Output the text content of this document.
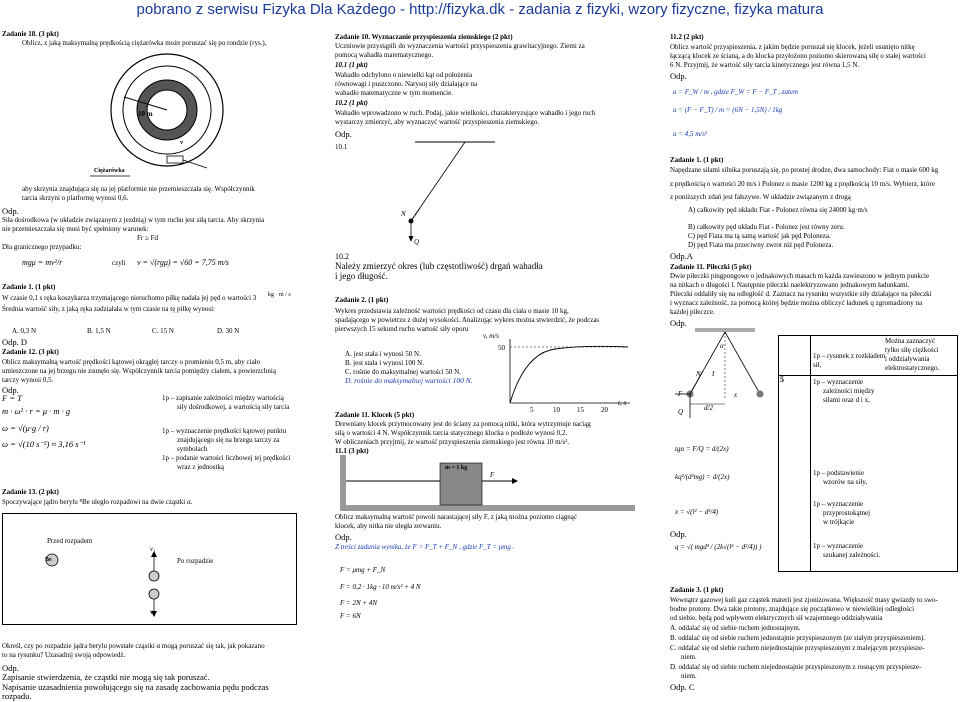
pobrano z serwisu Fizyka Dla Każdego - http://fizyka.dk - zadania z fizyki, wzory fizyczne, fizyka matura
Zadanie 18. (3 pkt)
Oblicz, z jaką maksymalną prędkością ciężarówka może poruszać się po rondzie (rys.),
10 m
v
Ciężarówka
aby skrzynia znajdująca się na jej platformie nie przemieszczała się. Współczynnik
tarcia skrzyni o platformę wynosi 0,6.
Odp.
Siła dośrodkowa (w układzie związanym z jezdnią) w tym ruchu jest siłą tarcia. Aby skrzynia
nie przemieszczała się musi być spełniony warunek:
Fr ≥ Fd
Dla granicznego przypadku:
mgμ = mv²/r	czyli v = √(rgμ) = √60 = 7,75 m/s
Zadanie 1. (1 pkt)
W czasie 0,1 s ręka koszykarza trzymającego nieruchomo piłkę nadała jej pęd o wartości 3 kg · m / s
Średnia wartość siły, z jaką ręka zadziałała w tym czasie na tę piłkę wynosi:
A. 0,3 N	B. 1,5 N	C. 15 N	D. 30 N
Odp. D
Zadanie 12. (3 pkt)
Oblicz maksymalną wartość prędkości kątowej okrągłej tarczy o promieniu 0,5 m, aby ciało
umieszczone na jej brzegu nie zsunęło się. Współczynnik tarcia pomiędzy ciałem, a powierzchnią
tarczy wynosi 0,5.
Odp.
F = T
m · ω² · r = μ · m · g
ω = √(μ·g / r)
ω = √(10 s⁻²) ≈ 3,16 s⁻¹
1p – zapisanie zależności między wartością
siły dośrodkowej, a wartością siły tarcia
1p – wyznaczenie prędkości kątowej punktu
znajdującego się na brzegu tarczy za
symbolach
1p – podanie wartości liczbowej tej prędkości
wraz z jednostką
Zadanie 13. (2 pkt)
Spoczywające jądro berylu ⁸Be uległo rozpadowi na dwie cząstki α.
Przed rozpadem
Po rozpadzie
Be
v₁
v₂
Określ, czy po rozpadzie jądra berylu powstałe cząstki α mogą poruszać się tak, jak pokazano
to na rysunku? Uzasadnij swoją odpowiedź.
Odp.
Zapisanie stwierdzenia, że cząstki nie mogą się tak poruszać.
Napisanie uzasadnienia powołującego się na zasadę zachowania pędu podczas
rozpadu.
Zadanie 10. Wyznaczanie przyspieszenia ziemskiego (2 pkt)
Uczniowie przystąpili do wyznaczenia wartości przyspieszenia grawitacyjnego. Ziemi za
pomocą wahadła matematycznego.
10.1 (1 pkt)
Wahadło odchylono o niewielki kąt od położenia
równowagi i puszczono. Narysuj siły działające na
wahadło matematyczne w tym momencie.
10.2 (1 pkt)
Wahadło wprowadzono w ruch. Podaj, jakie wielkości, charakteryzujące wahadło i jego ruch
wystarczy zmierzyć, aby wyznaczyć wartość przyspieszenia ziemskiego.
Odp.
10.1
N
Q
10.2
Należy zmierzyć okres (lub częstotliwość) drgań wahadła
i jego długość.
Zadanie 2. (1 pkt)
Wykres przedstawia zależność wartości prędkości od czasu dla ciała o masie 10 kg,
spadającego w powietrzu z dużej wysokości. Analizując wykres można stwierdzić, że podczas
pierwszych 15 sekund ruchu wartość siły oporu
A. jest stała i wynosi 50 N.
B. jest stała i wynosi 100 N.
C. rośnie do maksymalnej wartości 50 N.
D. rośnie do maksymalnej wartości 100 N.
v, m/s
50
5	10 15 20
t, s
Zadanie 11. Klocek (5 pkt)
Drewniany klocek przymocowany jest do ściany za pomocą nitki, która wytrzymuje naciąg
siłą o wartości 4 N. Współczynnik tarcia statycznego klocka o podłoże wynosi 0,2.
W obliczeniach przyjmij, że wartość przyspieszenia ziemskiego jest równa 10 m/s².
11.1 (3 pkt)
m = 1 kg
F
Oblicz maksymalną wartość powoli narastającej siły F, z jaką można poziomo ciągnąć
klocek, aby nitka nie uległa zerwaniu.
Odp.
Z treści zadania wynika, że F = F_T + F_N , gdzie F_T = μmg .
F = μmg + F_N
F = 0,2 · 1kg · 10 m/s² + 4 N
F = 2N + 4N
F = 6N
11.2 (2 pkt)
Oblicz wartość przyspieszenia, z jakim będzie poruszał się klocek, jeżeli usunięto nitkę
łączącą klocek ze ścianą, a do klocka przyłożono poziomo skierowaną siłę o stałej wartości
6 N. Przyjmij, że wartość siły tarcia kinetycznego jest równa 1,5 N.
Odp.
a = F_W / m , gdzie F_W = F − F_T , zatem
a = (F − F_T) / m = (6N − 1,5N) / 1kg
a = 4,5 m/s²
Zadanie 1. (1 pkt)
Napędzane siłami silnika poruszają się, po prostej drodze, dwa samochody: Fiat o masie 600 kg
z prędkością o wartości 20 m/s i Polonez o masie 1200 kg z prędkością 10 m/s. Wybierz, które
z poniższych zdań jest fałszywe. W układzie związanym z drogą
A) całkowity pęd układu Fiat - Polonez równa się 24000 kg·m/s
B) całkowity pęd układu Fiat - Polonez jest równy zeru.
C) pęd Fiata ma tą samą wartość jak pęd Poloneza.
D) pęd Fiata ma przeciwny zwrot niż pęd Poloneza.
Odp.A
Zadanie 11. Piłeczki (5 pkt)
Dwie piłeczki pingpongowe o jednakowych masach m każda zawieszono w jednym punkcie
na nitkach o długości l. Następnie piłeczki naelektryzowano jednakowym ładunkami.
Piłeczki oddaliły się na odległość d. Zaznacz na rysunku wszystkie siły działające na piłeczki
i wyznacz zależność, za pomocą której będzie można obliczyć ładunek q zgromadzony na
każdej piłeczce.
Odp.
α
N
F
Q
x
d/2
I
5
1p – rysunek z rozkładem
sił,
Można zaznaczyć
tylko siłę ciężkości
i oddziaływania
elektrostatycznego.
tgα = F/Q = d/(2x)
kq²/(d²mg) = d/(2x)
x = √(l² − d²/4)
q = √( mgd³ / (2k√(l² − d²/4)) )
Odp.
1p – wyznaczenie
zależności między
siłami oraz d i x,
1p – podstawienie
wzorów na siły,
1p – wyznaczenie
przyprostokątnej
w trójkącie
1p – wyznaczenie
szukanej zależności.
Zadanie 3. (1 pkt)
Wewnątrz gazowej kuli gaz cząstek materii jest zjonizowana. Większość masy gwiazdy to swo-
bodne protony. Dwa takie protony, znajdujące się początkowo w niewielkiej odległości
od siebie, będą pod wpływem elektrycznych sił wzajemnego oddziaływania
A. oddalać się od siebie ruchem jednostajnym.
B. oddalać się od siebie ruchem jednostajnie przyspieszonym (ze stałym przyspieszeniem).
C. oddalać się od siebie ruchem niejednostajnie przyspieszonym z malejącym przyspiesze-
niem.
D. oddalać się od siebie ruchem niejednostajnie przyspieszonym z rosnącym przyspiesze-
niem.
Odp. C
